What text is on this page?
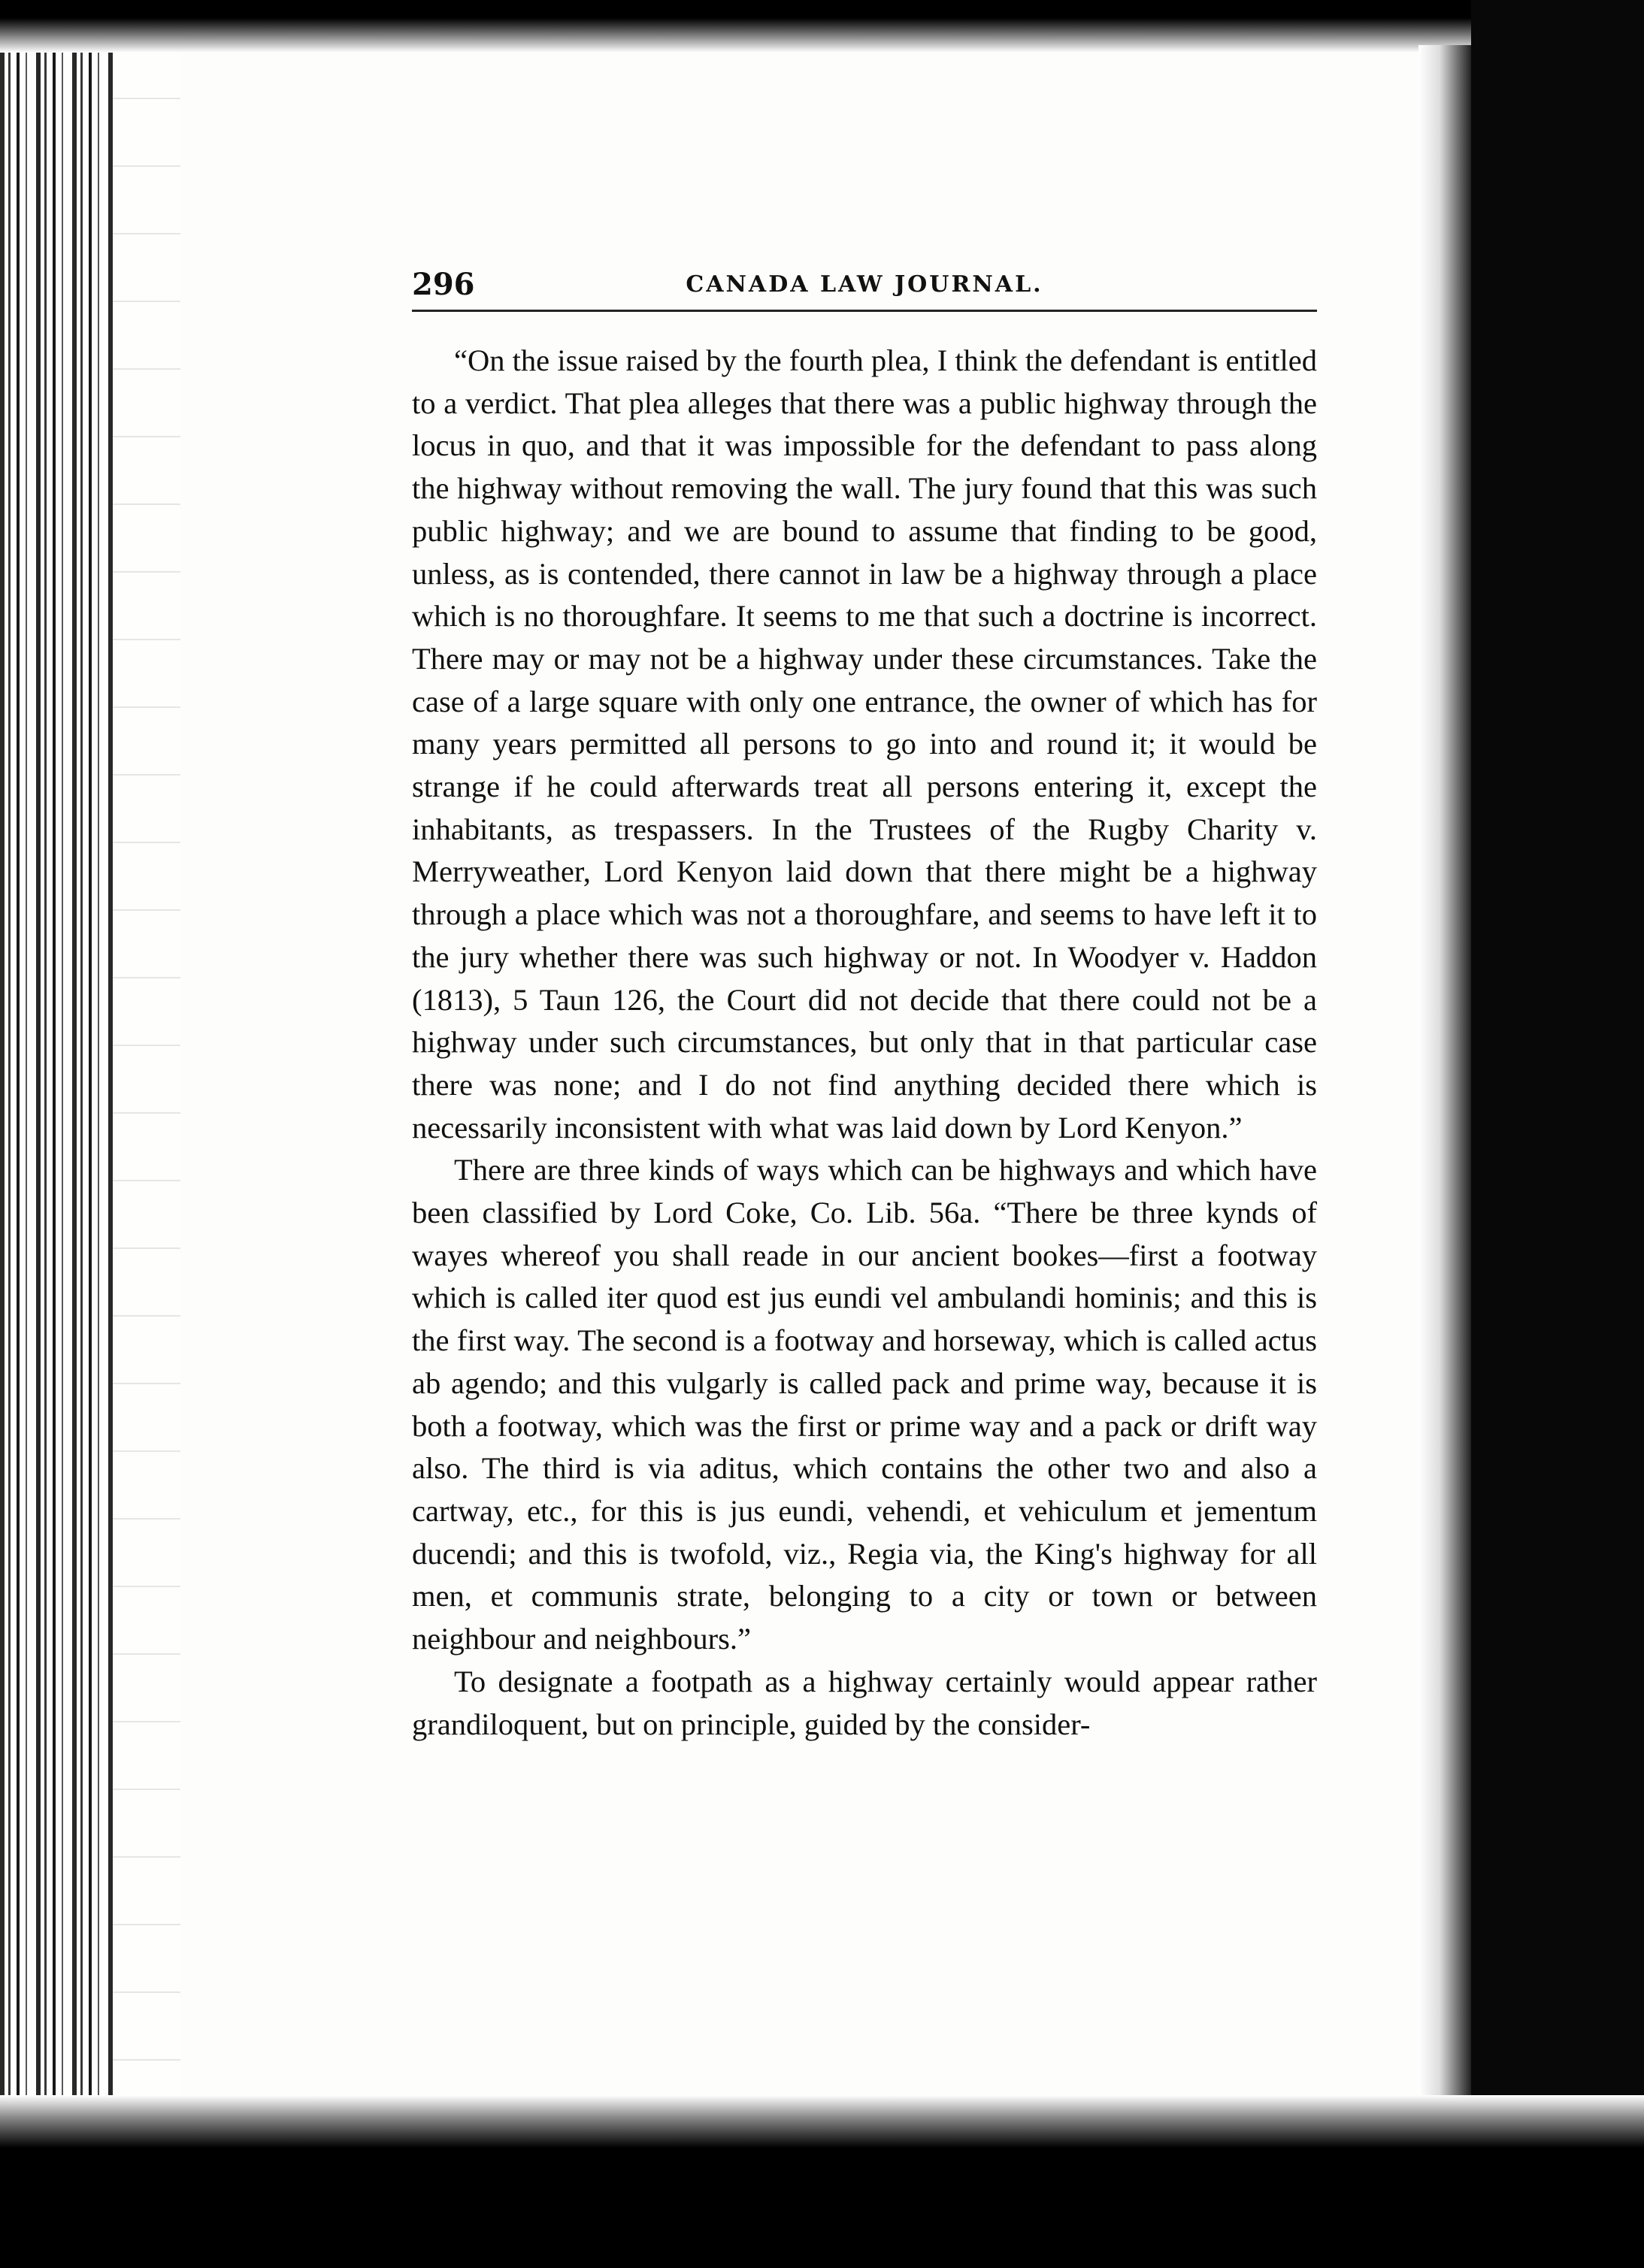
296	CANADA LAW JOURNAL.

“On the issue raised by the fourth plea, I think the defendant is entitled to a verdict. That plea alleges that there was a public highway through the locus in quo, and that it was impossible for the defendant to pass along the highway without removing the wall. The jury found that this was such public highway; and we are bound to assume that finding to be good, unless, as is contended, there cannot in law be a highway through a place which is no thoroughfare. It seems to me that such a doctrine is incorrect. There may or may not be a highway under these circumstances. Take the case of a large square with only one entrance, the owner of which has for many years permitted all persons to go into and round it; it would be strange if he could afterwards treat all persons entering it, except the inhabitants, as trespassers. In the Trustees of the Rugby Charity v. Merryweather, Lord Kenyon laid down that there might be a highway through a place which was not a thoroughfare, and seems to have left it to the jury whether there was such highway or not. In Woodyer v. Haddon (1813), 5 Taun 126, the Court did not decide that there could not be a highway under such circumstances, but only that in that particular case there was none; and I do not find anything decided there which is necessarily inconsistent with what was laid down by Lord Kenyon.”

There are three kinds of ways which can be highways and which have been classified by Lord Coke, Co. Lib. 56a. “There be three kynds of wayes whereof you shall reade in our ancient bookes—first a footway which is called iter quod est jus eundi vel ambulandi hominis; and this is the first way. The second is a footway and horseway, which is called actus ab agendo; and this vulgarly is called pack and prime way, because it is both a footway, which was the first or prime way and a pack or drift way also. The third is via aditus, which contains the other two and also a cartway, etc., for this is jus eundi, vehendi, et vehiculum et jementum ducendi; and this is twofold, viz., Regia via, the King's highway for all men, et communis strate, belonging to a city or town or between neighbour and neighbours.”

To designate a footpath as a highway certainly would appear rather grandiloquent, but on principle, guided by the consider-
